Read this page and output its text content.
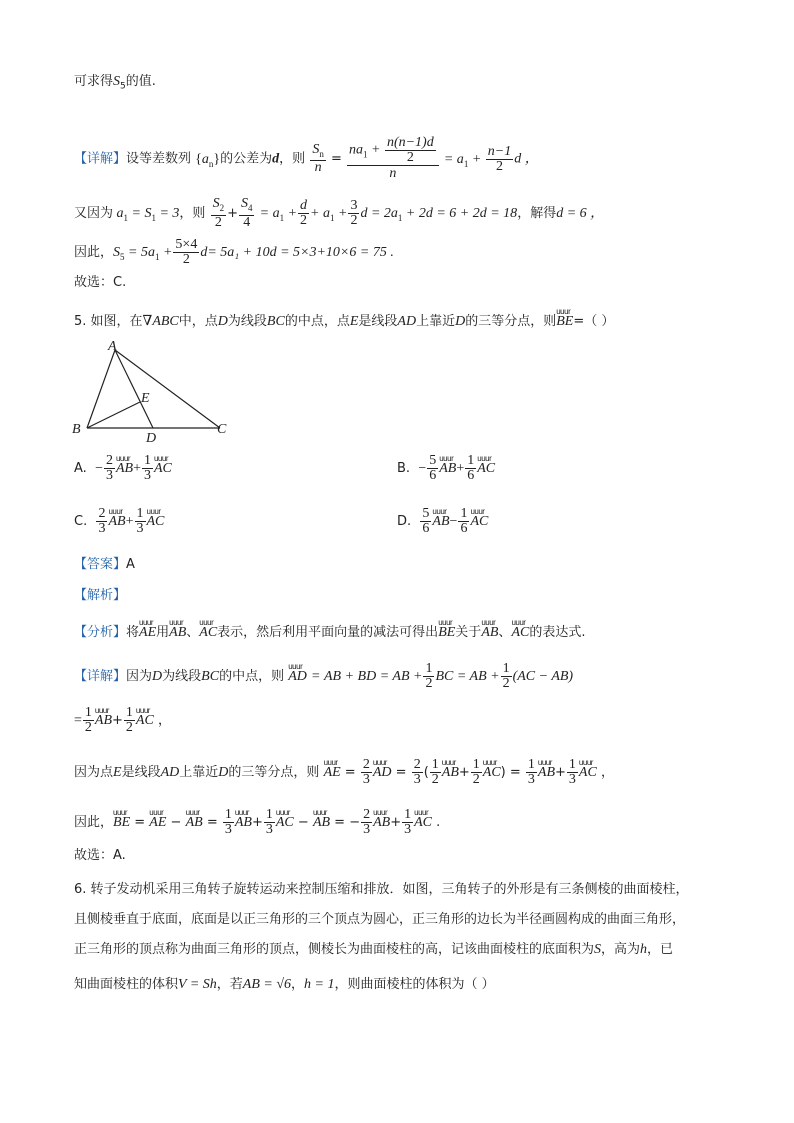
可求得$S_5$的值.
【详解】设等差数列 $\{a_n\}$的公差为d，则 $\frac{S_n}{n} = \frac{na_1 + \frac{n(n-1)d}{2}}{n} = a_1 + \frac{n-1}{2}$ d ，
又因为 $a_1 = S_1 = 3$，则 $\frac{S_2}{2} + \frac{S_4}{4} = a_1 + \frac{d}{2} + a_1 + \frac{3}{2}$ $d = 2a_1 + 2d = 6 + 2d = 18$，解得d = 6 ，
因此，$S_5 = 5a_1 + \frac{5\times 4}{2} d= 5a_1 + 10d = 5\times 3+10\times 6 = 75$ .
故选：C.
5. 如图，在∇ABC中，点D为线段BC的中点，点E是线段AD上靠近D的三等分点，则uuur BE=（ ）
A
B	C
D
E
A. − $\frac{2}{3}$ uuur $AB+ \frac{1}{3}$ uuur AC	B. − $\frac{5}{6}$ uuur $AB+ \frac{1}{6}$ uuur AC
C. $\frac{2}{3}$ uuur $AB+ \frac{1}{3}$ uuur AC	D. $\frac{5}{6}$ uuur $AB- \frac{1}{6}$ uuur AC
【答案】A
【解析】
【分析】将uuur AE用uuur AB、uuur AC表示，然后利用平面向量的减法可得出uuur BE关于uuur AB、uuur AC的表达式.
【详解】因为D为线段BC的中点，则 uuur AD = AB + BD = AB + $\frac{1}{2}$ BC = AB + $\frac{1}{2} (AC - AB)$
= $\frac{1}{2}$ uuur $AB+ \frac{1}{2}$ uuur AC ，
因为点E是线段AD上靠近D的三等分点，则 uuur AE = $\frac{2}{3}$ uuur AD = $\frac{2}{3}$ ( $\frac{1}{2}$ uuur $AB+ \frac{1}{2}$ uuur $AC) = \frac{1}{3}$ uuur $AB+ \frac{1}{3}$ uuur AC ，
因此，uuur BE = uuur AE − uuur AB = $\frac{1}{3}$ uuur $AB+ \frac{1}{3}$ uuur AC − uuur AB = − $\frac{2}{3}$ uuur $AB+ \frac{1}{3}$ uuur AC .
故选：A.
6. 转子发动机采用三角转子旋转运动来控制压缩和排放．如图，三角转子的外形是有三条侧棱的曲面棱柱，
且侧棱垂直于底面，底面是以正三角形的三个顶点为圆心，正三角形的边长为半径画圆构成的曲面三角形，
正三角形的顶点称为曲面三角形的顶点，侧棱长为曲面棱柱的高，记该曲面棱柱的底面积为S，高为h，已
知曲面棱柱的体积V = Sh，若AB = √6，h = 1，则曲面棱柱的体积为（ ）
